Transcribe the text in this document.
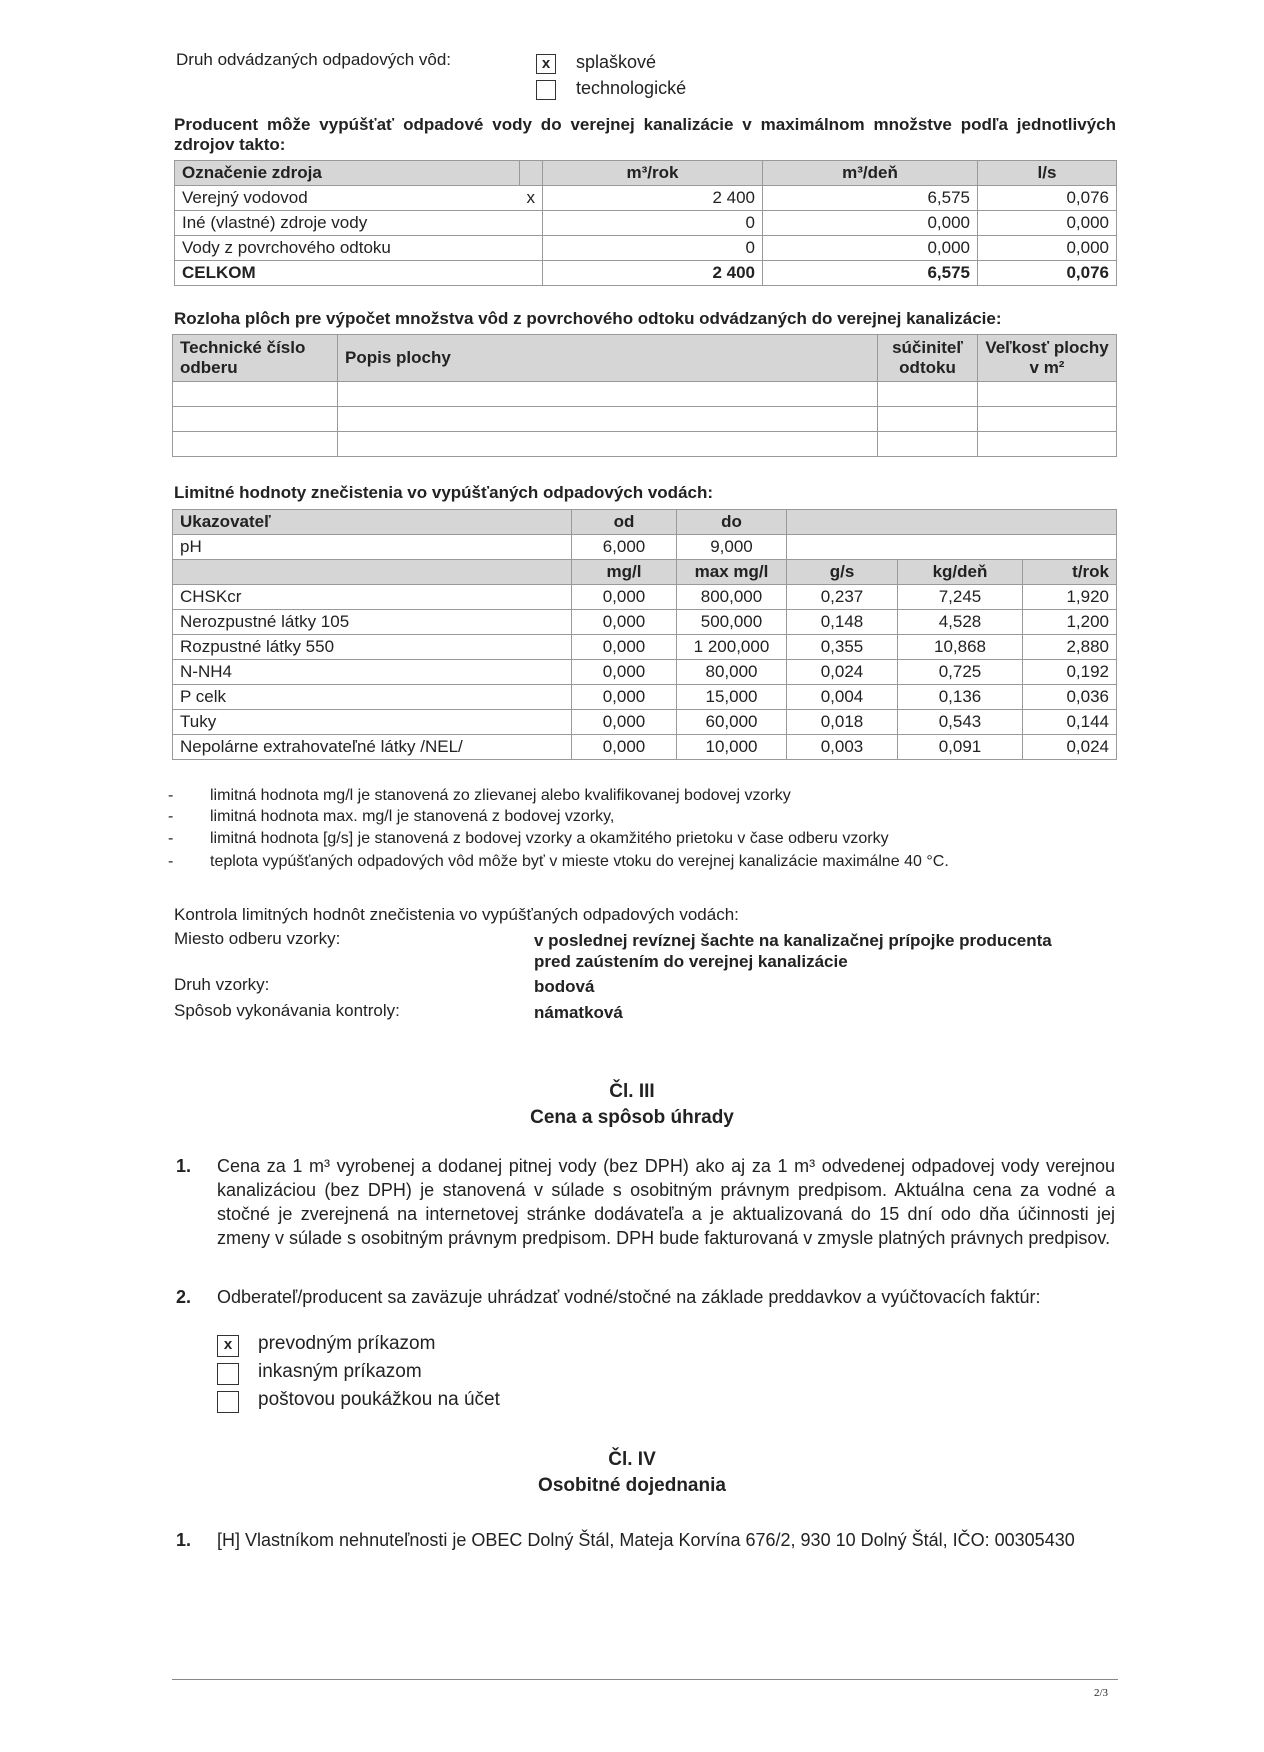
Druh odvádzaných odpadových vôd:	x	splaškové
technologické
Producent môže vypúšťať odpadové vody do verejnej kanalizácie v maximálnom množstve podľa jednotlivých zdrojov takto:
Označenie zdroja		m³/rok	m³/deň	l/s
Verejný vodovod	x	2 400	6,575	0,076
Iné (vlastné) zdroje vody		0	0,000	0,000
Vody z povrchového odtoku		0	0,000	0,000
CELKOM		2 400	6,575	0,076
Rozloha plôch pre výpočet množstva vôd z povrchového odtoku odvádzaných do verejnej kanalizácie:
Technické číslo odberu	Popis plochy	súčiniteľ odtoku	Veľkosť plochy v m²

Limitné hodnoty znečistenia vo vypúšťaných odpadových vodách:
Ukazovateľ	od	do			
pH	6,000	9,000			
	mg/l	max mg/l	g/s	kg/deň	t/rok
CHSKcr	0,000	800,000	0,237	7,245	1,920
Nerozpustné látky 105	0,000	500,000	0,148	4,528	1,200
Rozpustné látky 550	0,000	1 200,000	0,355	10,868	2,880
N-NH4	0,000	80,000	0,024	0,725	0,192
P celk	0,000	15,000	0,004	0,136	0,036
Tuky	0,000	60,000	0,018	0,543	0,144
Nepolárne extrahovateľné látky /NEL/	0,000	10,000	0,003	0,091	0,024
- limitná hodnota mg/l je stanovená zo zlievanej alebo kvalifikovanej bodovej vzorky
- limitná hodnota max. mg/l je stanovená z bodovej vzorky,
- limitná hodnota [g/s] je stanovená z bodovej vzorky a okamžitého prietoku v čase odberu vzorky
- teplota vypúšťaných odpadových vôd môže byť v mieste vtoku do verejnej kanalizácie maximálne 40 °C.
Kontrola limitných hodnôt znečistenia vo vypúšťaných odpadových vodách:
Miesto odberu vzorky:	v poslednej revíznej šachte na kanalizačnej prípojke producenta
pred zaústením do verejnej kanalizácie
Druh vzorky:	bodová
Spôsob vykonávania kontroly:	námatková
Čl. III
Cena a spôsob úhrady
1. Cena za 1 m³ vyrobenej a dodanej pitnej vody (bez DPH) ako aj za 1 m³ odvedenej odpadovej vody verejnou kanalizáciou (bez DPH) je stanovená v súlade s osobitným právnym predpisom. Aktuálna cena za vodné a stočné je zverejnená na internetovej stránke dodávateľa a je aktualizovaná do 15 dní odo dňa účinnosti jej zmeny v súlade s osobitným právnym predpisom. DPH bude fakturovaná v zmysle platných právnych predpisov.
2. Odberateľ/producent sa zaväzuje uhrádzať vodné/stočné na základe preddavkov a vyúčtovacích faktúr:
x	prevodným príkazom
inkasným príkazom
poštovou poukážkou na účet
Čl. IV
Osobitné dojednania
1. [H] Vlastníkom nehnuteľnosti je OBEC Dolný Štál, Mateja Korvína 676/2, 930 10 Dolný Štál, IČO: 00305430
2/3
